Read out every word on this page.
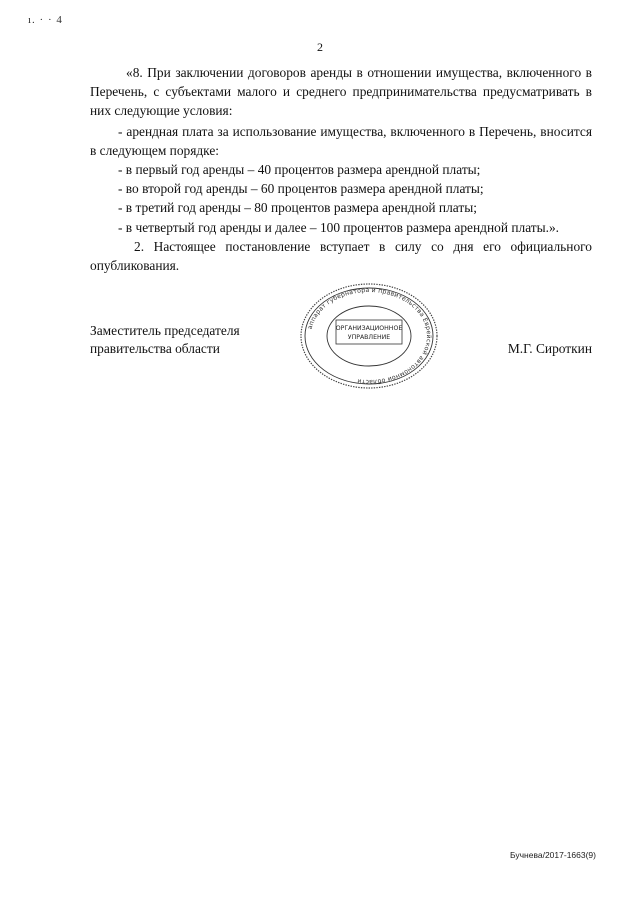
ı. · · 4
2

«8. При заключении договоров аренды в отношении имущества, включенного в Перечень, с субъектами малого и среднего предпринимательства предусматривать в них следующие условия:

- арендная плата за использование имущества, включенного в Перечень, вносится в следующем порядке:

- в первый год аренды – 40 процентов размера арендной платы;

- во второй год аренды – 60 процентов размера арендной платы;

- в третий год аренды – 80 процентов размера арендной платы;

- в четвертый год аренды и далее – 100 процентов размера арендной платы.».

2. Настоящее постановление вступает в силу со дня его официального опубликования.

Заместитель председателя
правительства области	М.Г. Сироткин
аппарат губернатора и правительства Еврейской автономной области
ОРГАНИЗАЦИОННОЕ
УПРАВЛЕНИЕ
Бучнева/2017-1663(9)
